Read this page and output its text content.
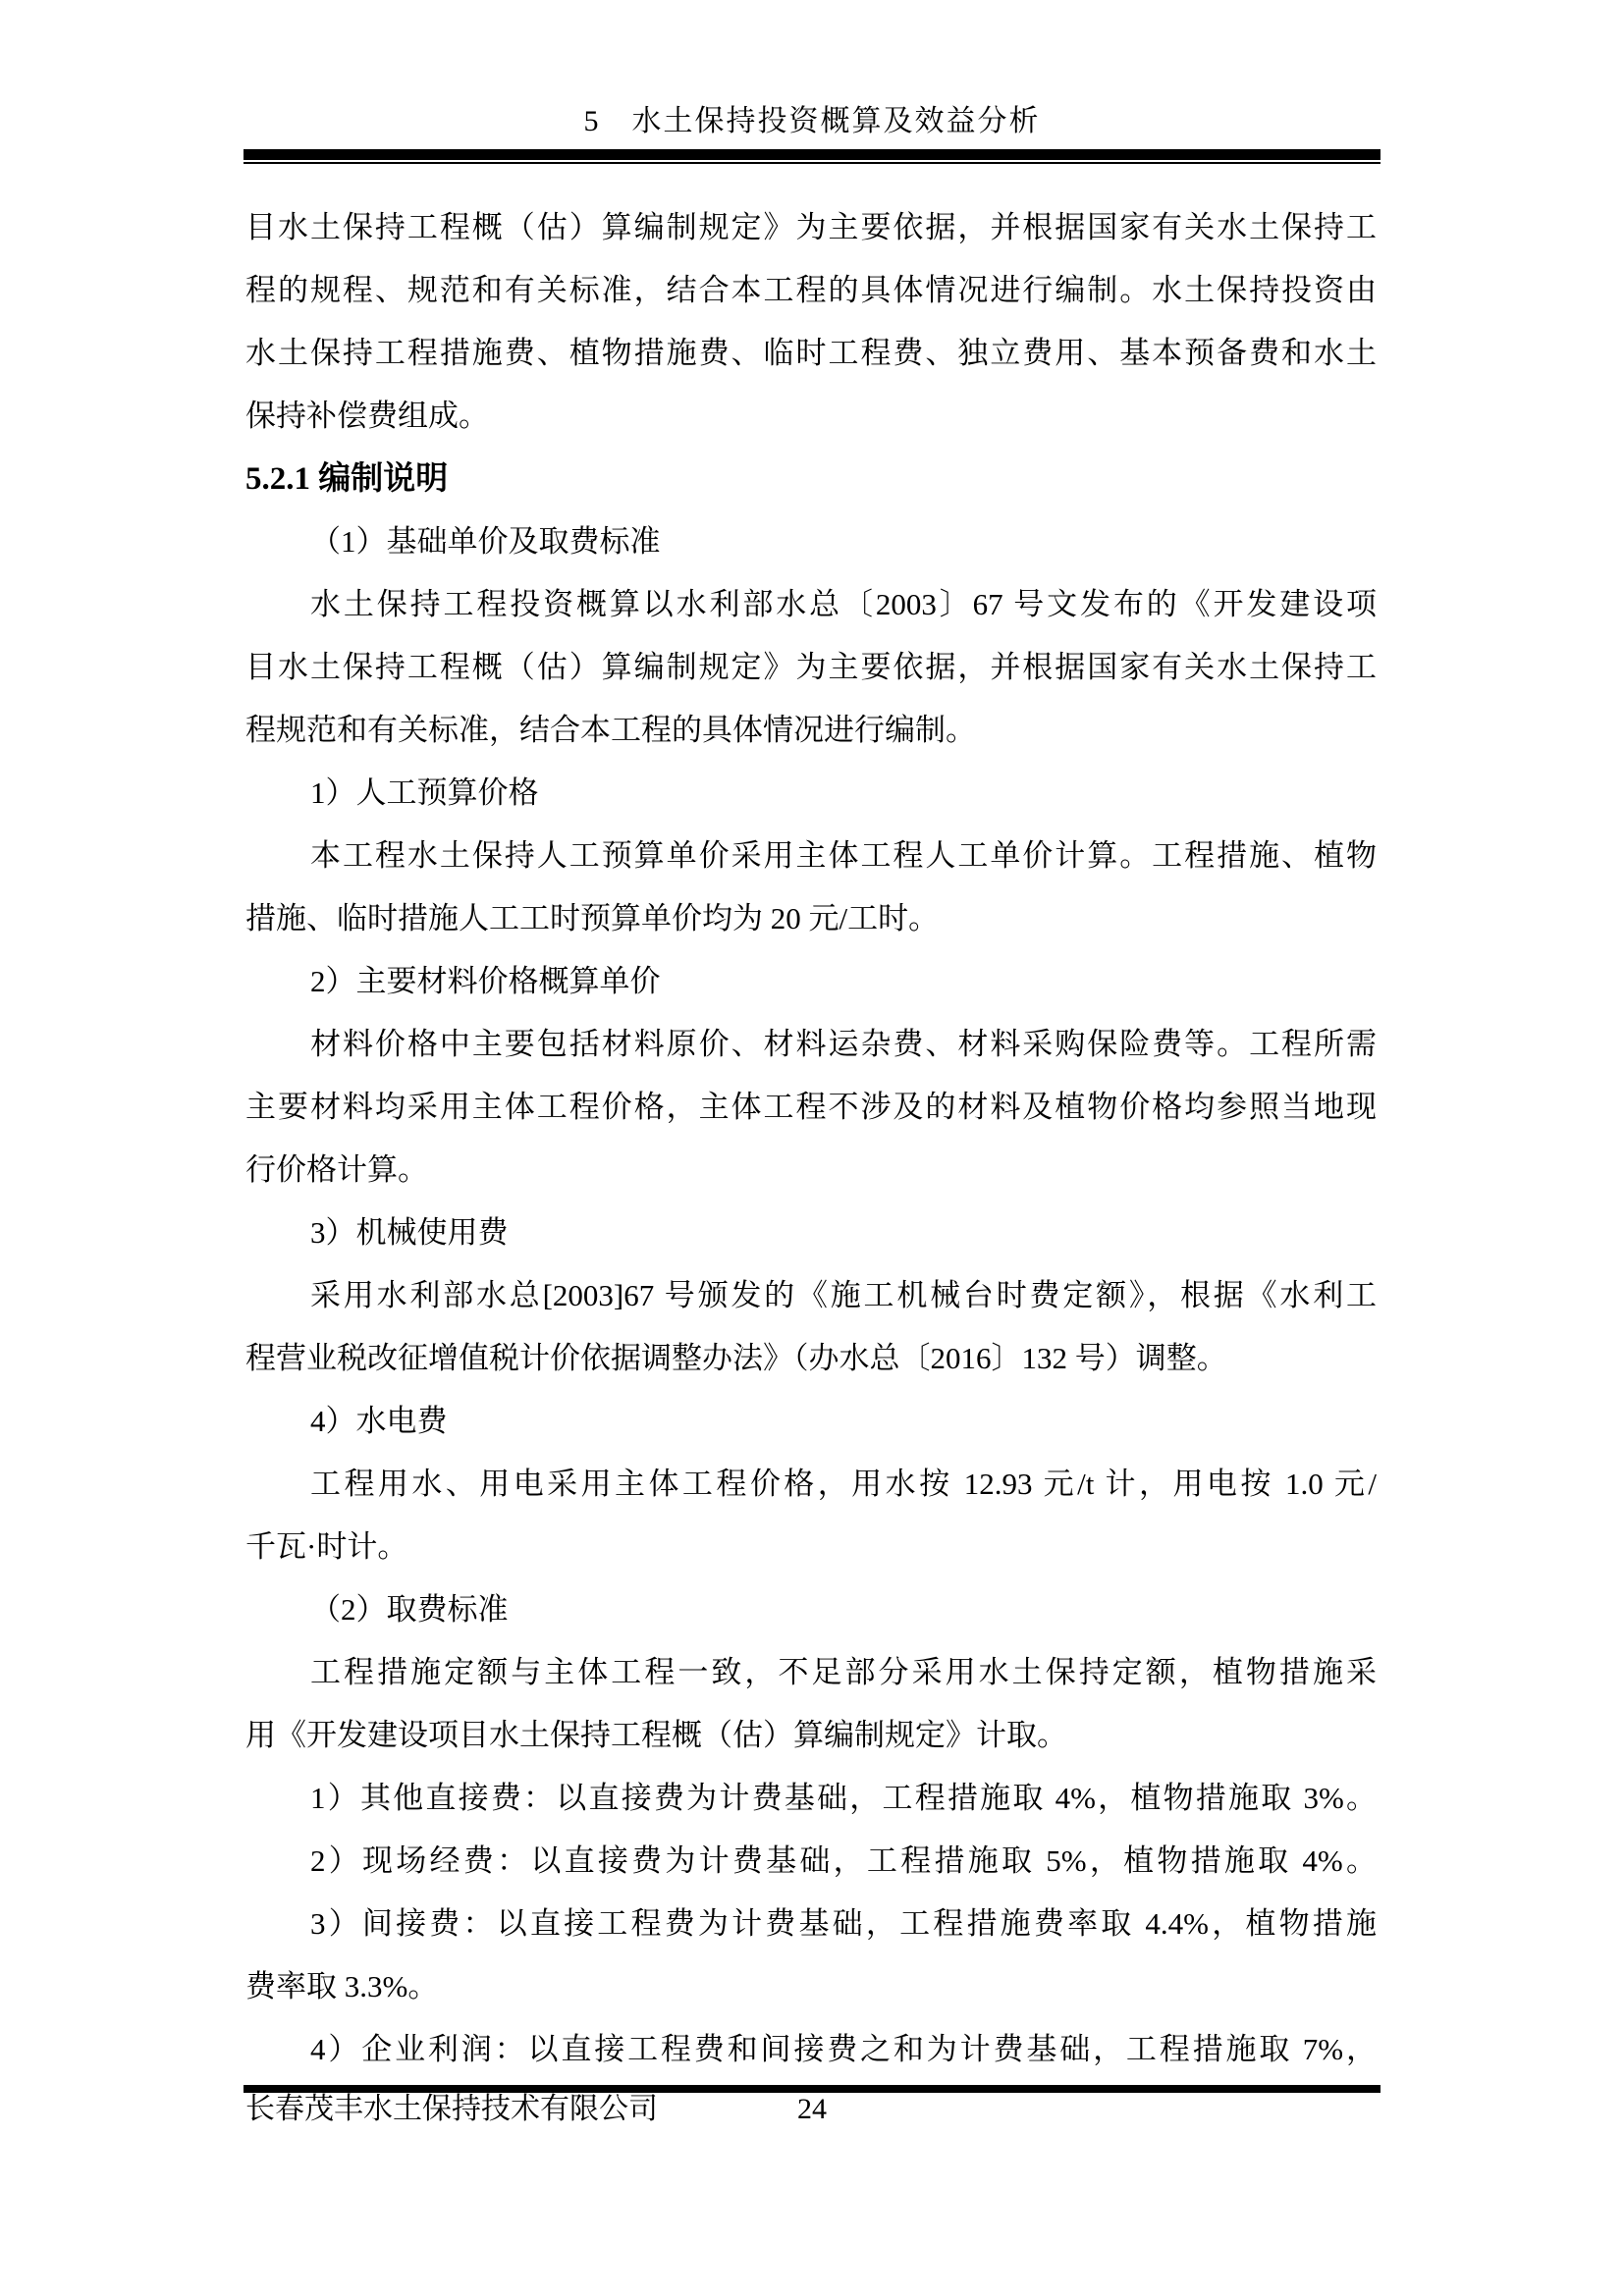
5　水土保持投资概算及效益分析
目水土保持工程概（估）算编制规定》为主要依据，并根据国家有关水土保持工
程的规程、规范和有关标准，结合本工程的具体情况进行编制。水土保持投资由
水土保持工程措施费、植物措施费、临时工程费、独立费用、基本预备费和水土
保持补偿费组成。
5.2.1 编制说明
（1）基础单价及取费标准
水土保持工程投资概算以水利部水总〔2003〕67 号文发布的《开发建设项
目水土保持工程概（估）算编制规定》为主要依据，并根据国家有关水土保持工
程规范和有关标准，结合本工程的具体情况进行编制。
1）人工预算价格
本工程水土保持人工预算单价采用主体工程人工单价计算。工程措施、植物
措施、临时措施人工工时预算单价均为 20 元/工时。
2）主要材料价格概算单价
材料价格中主要包括材料原价、材料运杂费、材料采购保险费等。工程所需
主要材料均采用主体工程价格，主体工程不涉及的材料及植物价格均参照当地现
行价格计算。
3）机械使用费
采用水利部水总[2003]67 号颁发的《施工机械台时费定额》，根据《水利工
程营业税改征增值税计价依据调整办法》（办水总〔2016〕132 号）调整。
4）水电费
工程用水、用电采用主体工程价格，用水按 12.93 元/t 计，用电按 1.0 元/
千瓦·时计。
（2）取费标准
工程措施定额与主体工程一致，不足部分采用水土保持定额，植物措施采
用《开发建设项目水土保持工程概（估）算编制规定》计取。
1）其他直接费：以直接费为计费基础，工程措施取 4%，植物措施取 3%。
2）现场经费：以直接费为计费基础，工程措施取 5%，植物措施取 4%。
3）间接费：以直接工程费为计费基础，工程措施费率取 4.4%，植物措施
费率取 3.3%。
4）企业利润：以直接工程费和间接费之和为计费基础，工程措施取 7%，
长春茂丰水土保持技术有限公司	24
